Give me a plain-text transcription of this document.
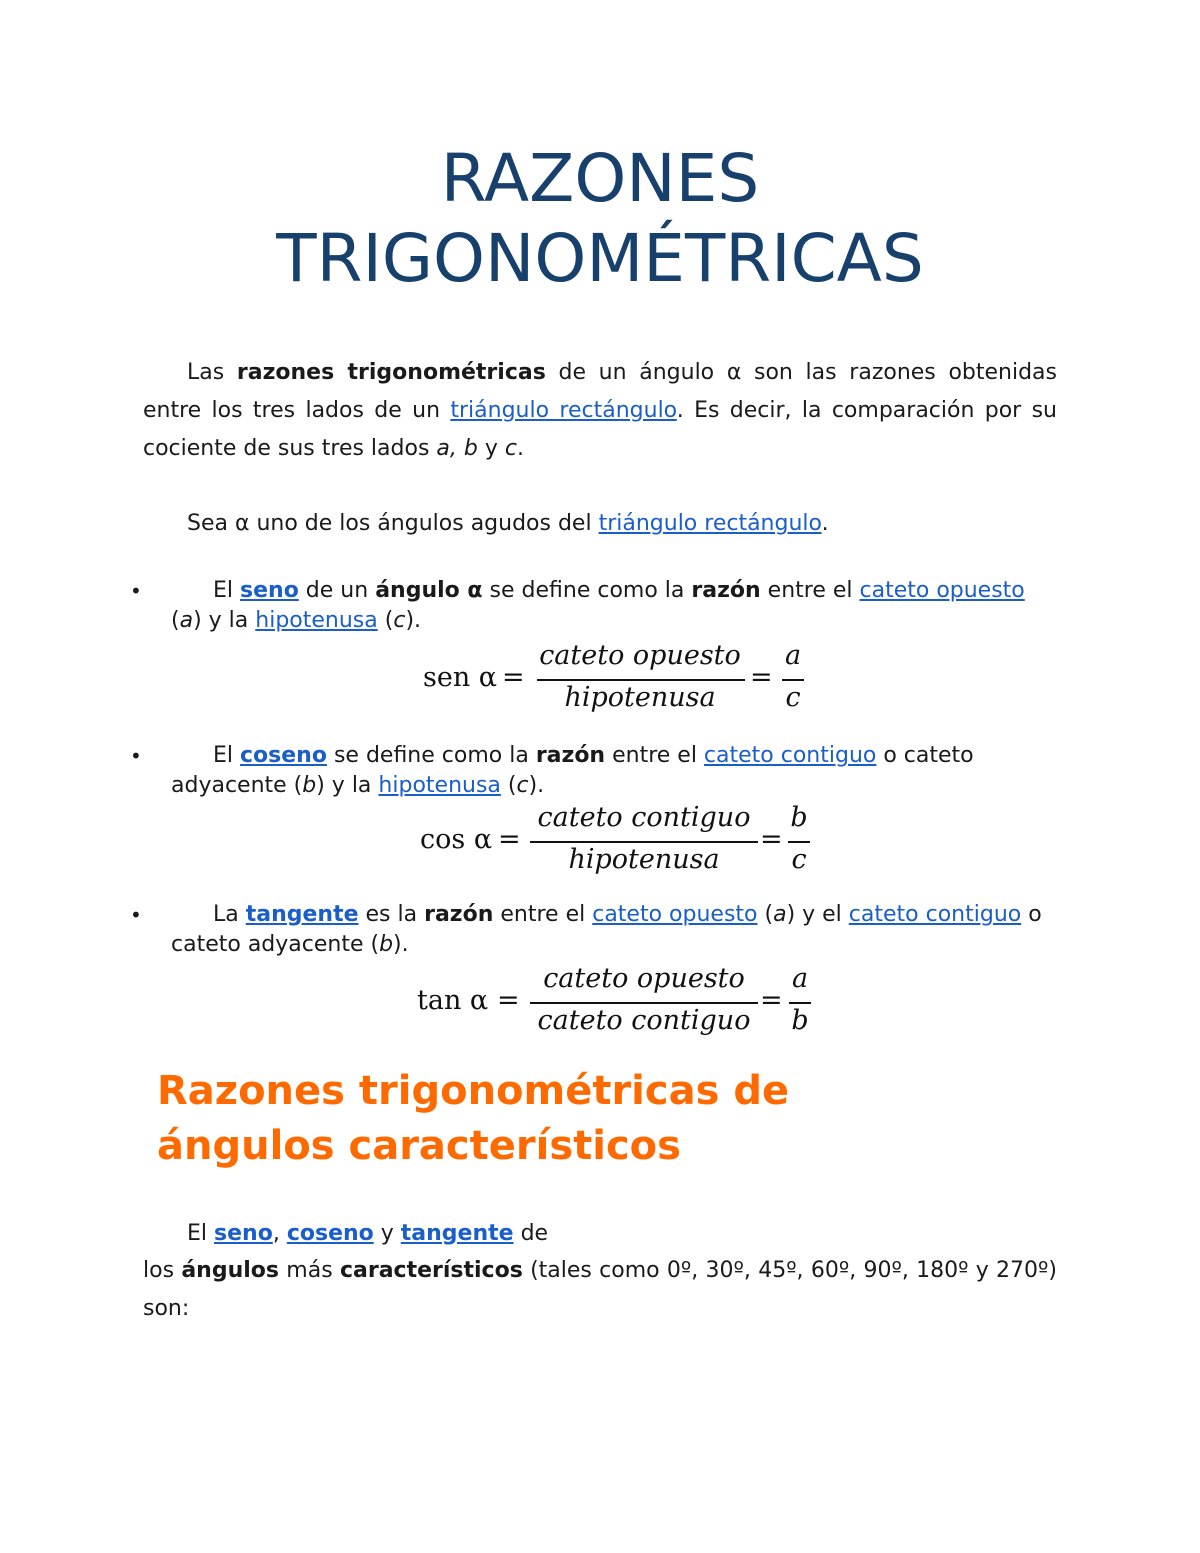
RAZONES
TRIGONOMÉTRICAS
Las razones trigonométricas de un ángulo α son las razones obtenidas entre los tres lados de un triángulo rectángulo. Es decir, la comparación por su cociente de sus tres lados a, b y c.
Sea α uno de los ángulos agudos del triángulo rectángulo.
•	El seno de un ángulo α se define como la razón entre el cateto opuesto (a) y la hipotenusa (c).
sen α =
cateto opuesto
hipotenusa
=
a
c
•	El coseno se define como la razón entre el cateto contiguo o cateto adyacente (b) y la hipotenusa (c).
cos α =
cateto contiguo
hipotenusa
=
b
c
•	La tangente es la razón entre el cateto opuesto (a) y el cateto contiguo o cateto adyacente (b).
tan α =
cateto opuesto
cateto contiguo
=
a
b
Razones trigonométricas de
ángulos característicos
El seno, coseno y tangente de
los ángulos más característicos (tales como 0º, 30º, 45º, 60º, 90º, 180º y 270º) son:
